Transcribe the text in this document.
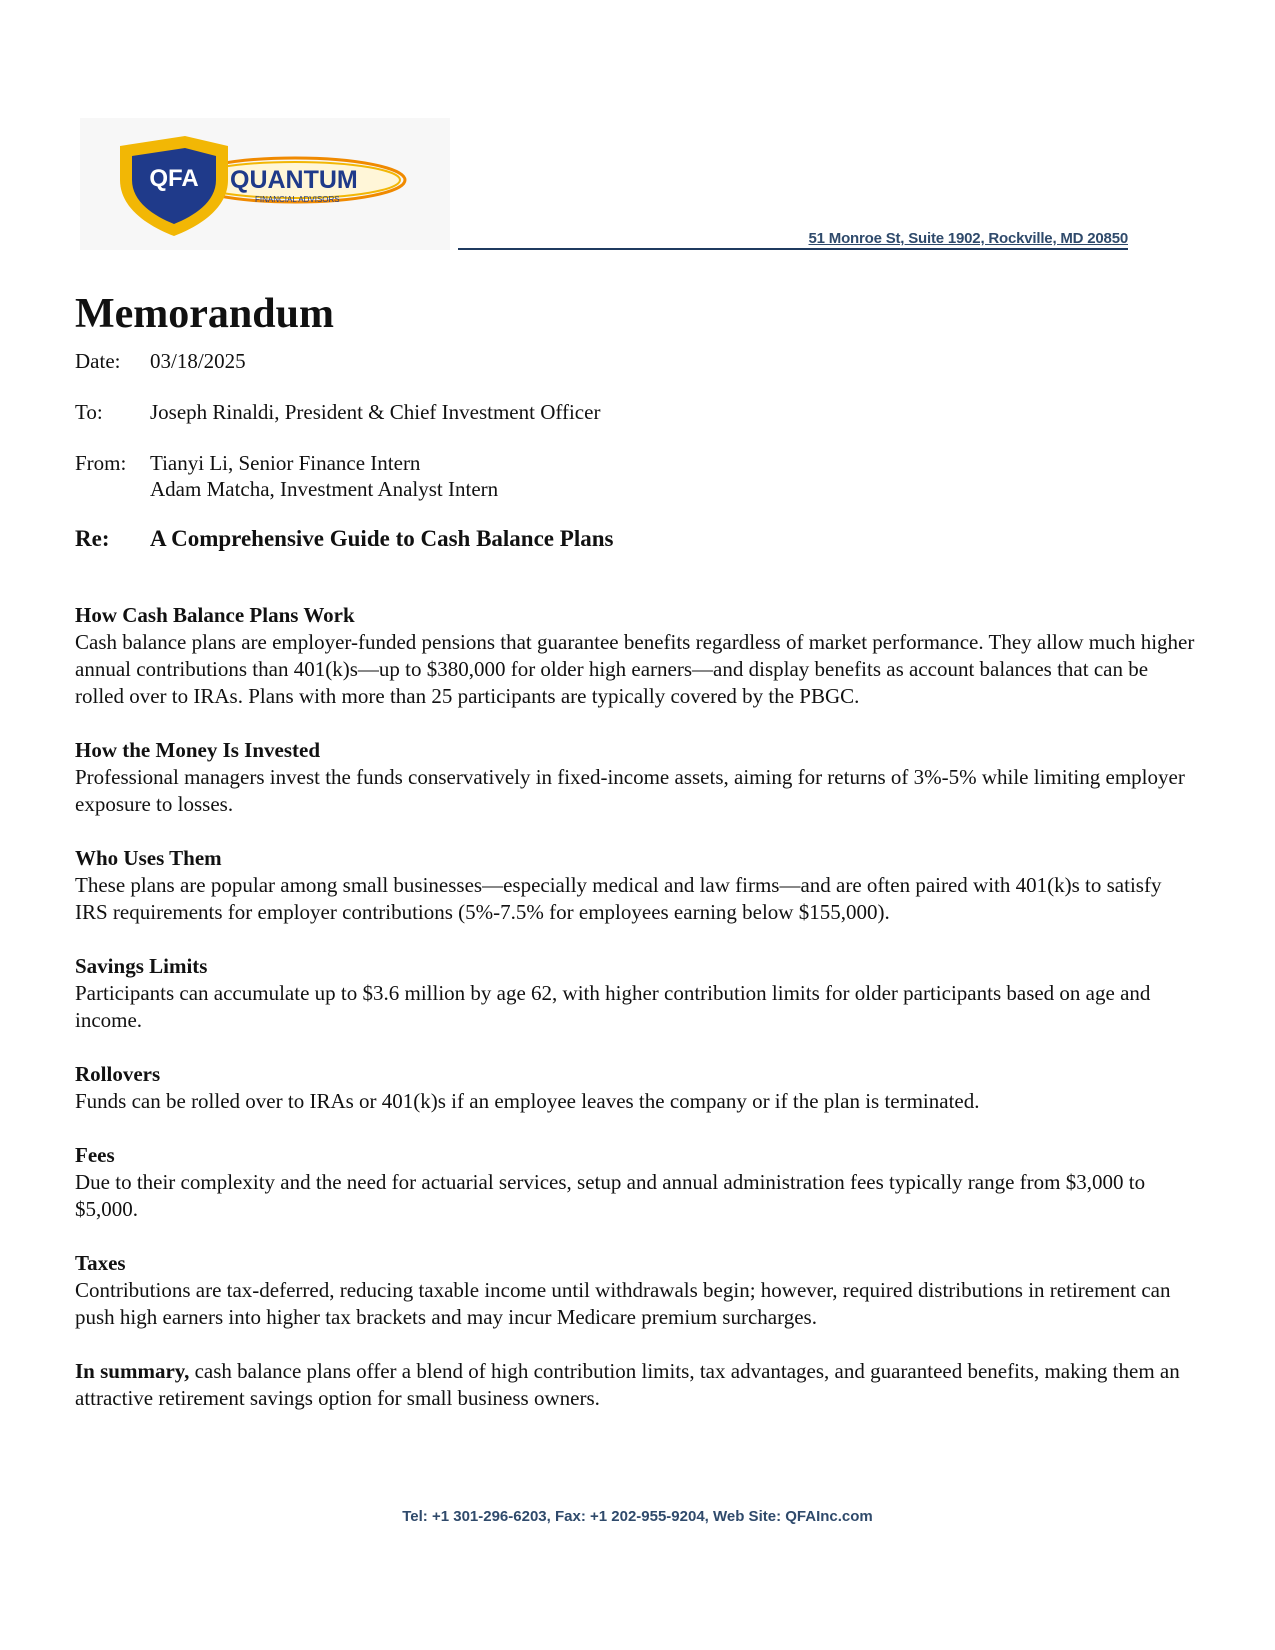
QFA QUANTUM
FINANCIAL ADVISORS
51 Monroe St, Suite 1902, Rockville, MD 20850
Memorandum
Date:	03/18/2025
To:	Joseph Rinaldi, President & Chief Investment Officer
From:	Tianyi Li, Senior Finance Intern
Adam Matcha, Investment Analyst Intern
Re:	A Comprehensive Guide to Cash Balance Plans
How Cash Balance Plans Work

Cash balance plans are employer-funded pensions that guarantee benefits regardless of market performance. They allow much higher annual contributions than 401(k)s—up to $380,000 for older high earners—and display benefits as account balances that can be rolled over to IRAs. Plans with more than 25 participants are typically covered by the PBGC.

How the Money Is Invested

Professional managers invest the funds conservatively in fixed-income assets, aiming for returns of 3%-5% while limiting employer exposure to losses.

Who Uses Them

These plans are popular among small businesses—especially medical and law firms—and are often paired with 401(k)s to satisfy IRS requirements for employer contributions (5%-7.5% for employees earning below $155,000).

Savings Limits

Participants can accumulate up to $3.6 million by age 62, with higher contribution limits for older participants based on age and income.

Rollovers

Funds can be rolled over to IRAs or 401(k)s if an employee leaves the company or if the plan is terminated.

Fees

Due to their complexity and the need for actuarial services, setup and annual administration fees typically range from $3,000 to $5,000.

Taxes

Contributions are tax-deferred, reducing taxable income until withdrawals begin; however, required distributions in retirement can push high earners into higher tax brackets and may incur Medicare premium surcharges.

In summary, cash balance plans offer a blend of high contribution limits, tax advantages, and guaranteed benefits, making them an attractive retirement savings option for small business owners.

Tel: +1 301-296-6203, Fax: +1 202-955-9204, Web Site: QFAInc.com
